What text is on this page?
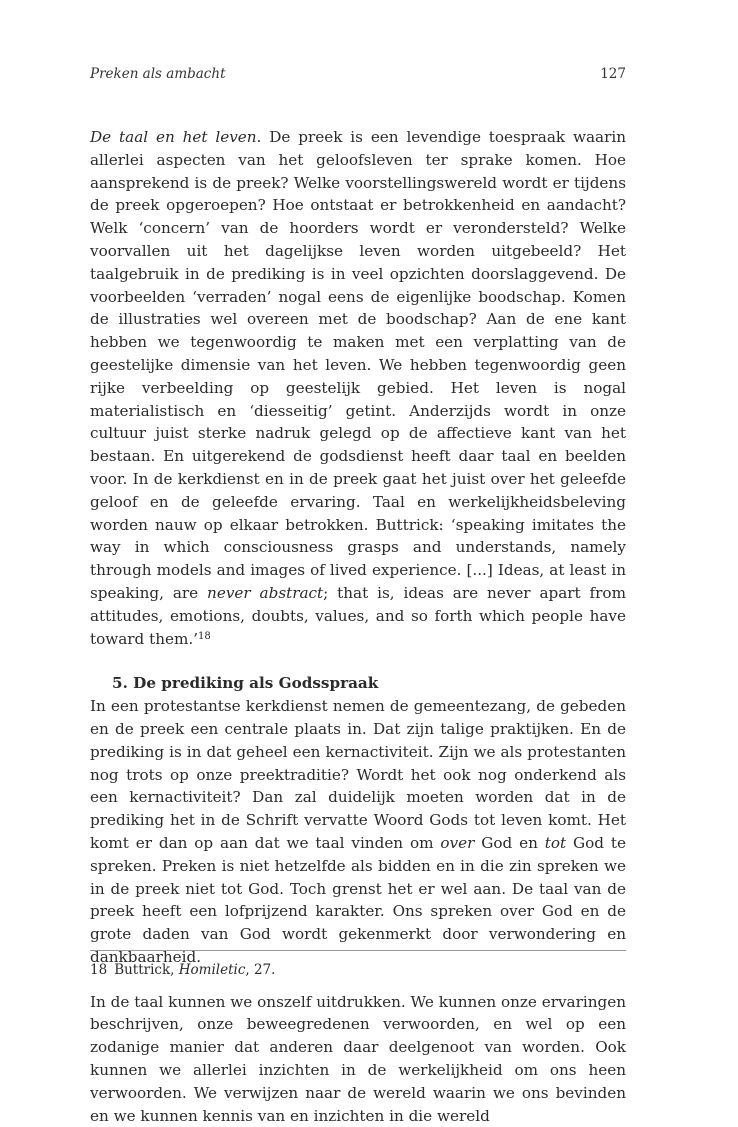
Preken als ambacht	127

De taal en het leven. De preek is een levendige toespraak waarin allerlei aspecten van het geloofsleven ter sprake komen. Hoe aansprekend is de preek? Welke voorstellingswereld wordt er tijdens de preek opgeroepen? Hoe ontstaat er betrokkenheid en aandacht? Welk ‘concern’ van de hoorders wordt er verondersteld? Welke voorvallen uit het dagelijkse leven worden uitgebeeld? Het taalgebruik in de prediking is in veel opzichten doorslaggevend. De voorbeelden ‘verraden’ nogal eens de eigenlijke boodschap. Komen de illustraties wel overeen met de boodschap? Aan de ene kant hebben we tegenwoordig te maken met een verplatting van de geestelijke dimensie van het leven. We hebben tegenwoordig geen rijke verbeelding op geestelijk gebied. Het leven is nogal materialistisch en ‘diesseitig’ getint. Anderzijds wordt in onze cultuur juist sterke nadruk gelegd op de affectieve kant van het bestaan. En uitgerekend de godsdienst heeft daar taal en beelden voor. In de kerkdienst en in de preek gaat het juist over het geleefde geloof en de geleefde ervaring. Taal en werkelijkheidsbeleving worden nauw op elkaar betrokken. Buttrick: ‘speaking imitates the way in which consciousness grasps and understands, namely through models and images of lived experience. [...] Ideas, at least in speaking, are never abstract; that is, ideas are never apart from attitudes, emotions, doubts, values, and so forth which people have toward them.’$^{18}$

5. De prediking als Godsspraak

In een protestantse kerkdienst nemen de gemeentezang, de gebeden en de preek een centrale plaats in. Dat zijn talige praktijken. En de prediking is in dat geheel een kernactiviteit. Zijn we als protestanten nog trots op onze preektraditie? Wordt het ook nog onderkend als een kernactiviteit? Dan zal duidelijk moeten worden dat in de prediking het in de Schrift vervatte Woord Gods tot leven komt. Het komt er dan op aan dat we taal vinden om over God en tot God te spreken. Preken is niet hetzelfde als bidden en in die zin spreken we in de preek niet tot God. Toch grenst het er wel aan. De taal van de preek heeft een lofprijzend karakter. Ons spreken over God en de grote daden van God wordt gekenmerkt door verwondering en dankbaarheid.

In de taal kunnen we onszelf uitdrukken. We kunnen onze ervaringen beschrijven, onze beweegredenen verwoorden, en wel op een zodanige manier dat anderen daar deelgenoot van worden. Ook kunnen we allerlei inzichten in de werkelijkheid om ons heen verwoorden. We verwijzen naar de wereld waarin we ons bevinden en we kunnen kennis van en inzichten in die wereld

18 Buttrick, Homiletic, 27.
